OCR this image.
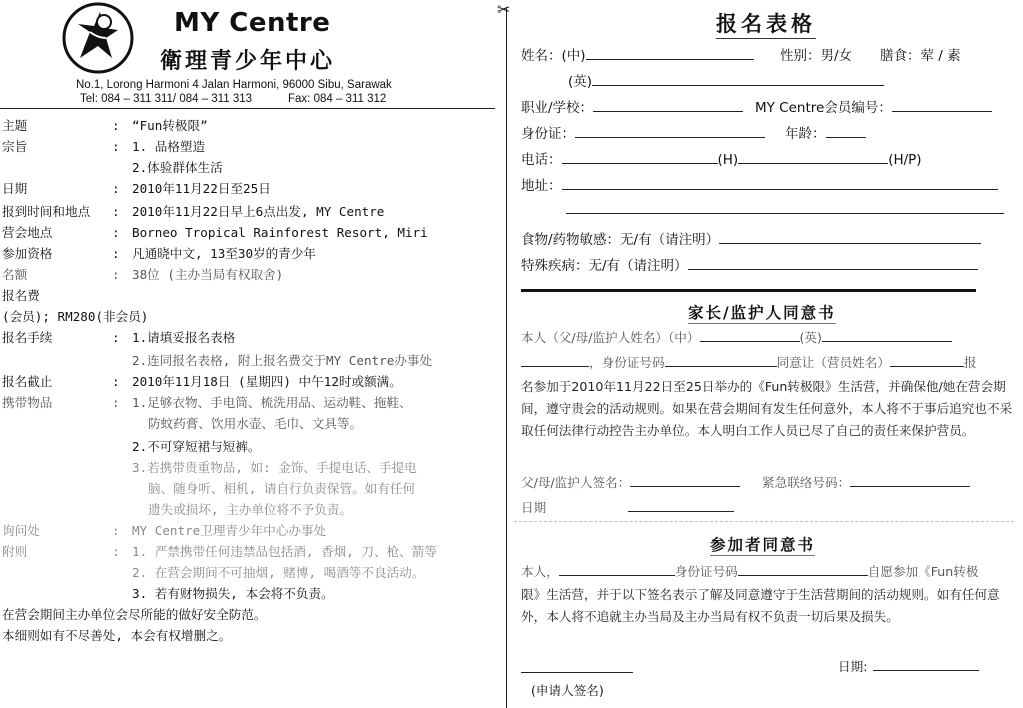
MY Centre
衛理青少年中心
No.1, Lorong Harmoni 4 Jalan Harmoni, 96000 Sibu, Sarawak
Tel: 084 – 311 311/ 084 – 311 313	Fax: 084 – 311 312
✂
主题	: “Fun转极限”
宗旨	: 1. 品格塑造
2.体验群体生活
日期	: 2010年11月22日至25日
报到时间和地点 : 2010年11月22日早上6点出发, MY Centre
营会地点	: Borneo Tropical Rainforest Resort, Miri
参加资格	: 凡通晓中文, 13至30岁的青少年
名额	: 38位 (主办当局有权取舍)
报名费
(会员); RM280(非会员)
报名手续	: 1.请填妥报名表格
2.连同报名表格, 附上报名费交于MY Centre办事处
报名截止	: 2010年11月18日 (星期四) 中午12时或额满。
携带物品	: 1.足够衣物、手电筒、梳洗用品、运动鞋、拖鞋、
防蚊药膏、饮用水壶、毛巾、文具等。
2.不可穿短裙与短裤。
3.若携带贵重物品, 如: 金饰、手提电话、手提电
脑、随身听、相机, 请自行负责保管。如有任何
遗失或损坏, 主办单位将不予负责。
询问处	: MY Centre卫理青少年中心办事处
附则	: 1. 严禁携带任何违禁品包括酒, 香烟, 刀、枪、箭等
2. 在营会期间不可抽烟, 赌博, 喝酒等不良活动。
3. 若有财物损失, 本会将不负责。
在营会期间主办单位会尽所能的做好安全防范。
本细则如有不尽善处, 本会有权增删之。
报名表格
姓名：(中)	性别：男/女 膳食：荤 / 素
(英)
职业/学校：	MY Centre会员编号：
身份证：	年龄：
电话：	(H)	(H/P)
地址：
食物/药物敏感：无/有（请注明）
特殊疾病：无/有（请注明）
家长/监护人同意书
本人（父/母/监护人姓名）（中）	(英)
，身份证号码	同意让（营员姓名）	报
名参加于2010年11月22日至25日举办的《Fun转极限》生活营，并确保他/她在营会期间，遵守贵会的活动规则。如果在营会期间有发生任何意外，本人将不于事后追究也不采取任何法律行动控告主办单位。本人明白工作人员已尽了自己的责任来保护营员。
父/母/监护人签名：	紧急联络号码：
日期
参加者同意书
本人，	身份证号码	自愿参加《Fun转极
限》生活营，并于以下签名表示了解及同意遵守于生活营期间的活动规则。如有任何意外，本人将不追就主办当局及主办当局有权不负责一切后果及损失。
日期:
(申请人签名)
